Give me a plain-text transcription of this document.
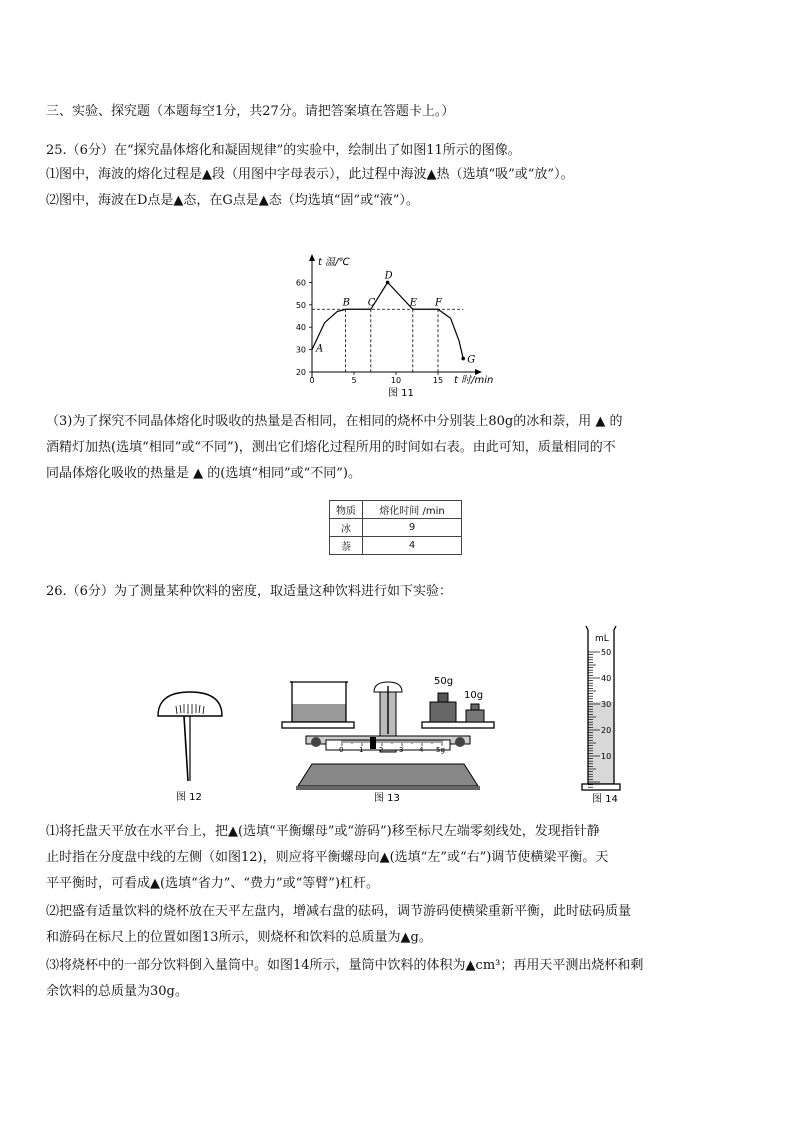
三、实验、探究题（本题每空1分，共27分。请把答案填在答题卡上。）
25.（6分）在“探究晶体熔化和凝固规律”的实验中，绘制出了如图11所示的图像。
⑴图中，海波的熔化过程是▲段（用图中字母表示），此过程中海波▲热（选填“吸”或“放”）。
⑵图中，海波在D点是▲态，在G点是▲态（均选填“固”或“液”）。
t 温/℃
t 时/min
20
30
40
50
60
0	5	10	15
A
B C
D
E F
G
图 11
（3)为了探究不同晶体熔化时吸收的热量是否相同，在相同的烧杯中分别装上80g的冰和萘，用 ▲ 的
酒精灯加热(选填“相同”或“不同”)，测出它们熔化过程所用的时间如右表。由此可知，质量相同的不
同晶体熔化吸收的热量是 ▲ 的(选填“相同”或“不同”)。
物质	熔化时间 /min
冰	9
萘	4
26.（6分）为了测量某种饮料的密度，取适量这种饮料进行如下实验：
图 12
50g
10g
0 1 2 3 4 5g
图 13
mL
50
40
30
20
10
图 14
⑴将托盘天平放在水平台上，把▲(选填“平衡螺母”或“游码”)移至标尺左端零刻线处，发现指针静
止时指在分度盘中线的左侧（如图12)，则应将平衡螺母向▲(选填“左”或“右”)调节使横梁平衡。天
平平衡时，可看成▲(选填“省力”、“费力”或“等臂”)杠杆。
⑵把盛有适量饮料的烧杯放在天平左盘内，增减右盘的砝码，调节游码使横梁重新平衡，此时砝码质量
和游码在标尺上的位置如图13所示，则烧杯和饮料的总质量为▲g。
⑶将烧杯中的一部分饮料倒入量筒中。如图14所示，量筒中饮料的体积为▲cm³；再用天平测出烧杯和剩
余饮料的总质量为30g。
